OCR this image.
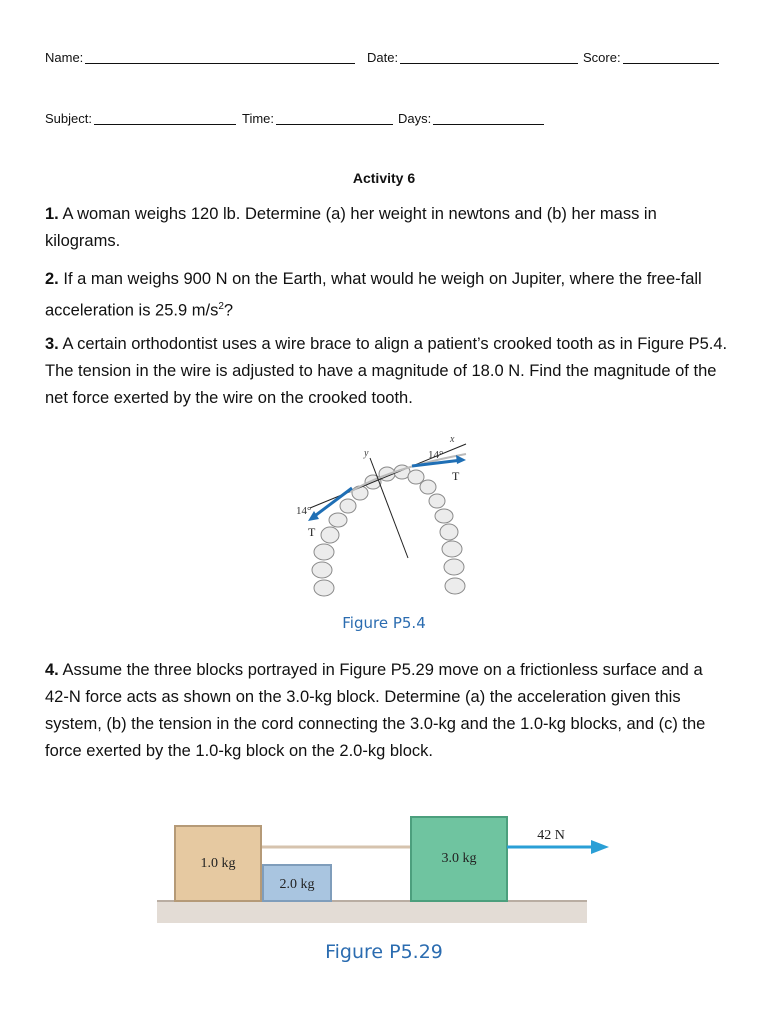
Name:	Date:	Score:
Subject:	Time:	Days:
Activity 6

1. A woman weighs 120 lb. Determine (a) her weight in newtons and (b) her mass in kilograms.

2. If a man weighs 900 N on the Earth, what would he weigh on Jupiter, where the free-fall acceleration is 25.9 $m/s^2$?

3. A certain orthodontist uses a wire brace to align a patient’s crooked tooth as in Figure P5.4. The tension in the wire is adjusted to have a magnitude of 18.0 N. Find the magnitude of the net force exerted by the wire on the crooked tooth.

y
x
14°
T
14°
T
Figure P5.4

4. Assume the three blocks portrayed in Figure P5.29 move on a frictionless surface and a 42-N force acts as shown on the 3.0-kg block. Determine (a) the acceleration given this system, (b) the tension in the cord connecting the 3.0-kg and the 1.0-kg blocks, and (c) the force exerted by the 1.0-kg block on the 2.0-kg block.

1.0 kg
2.0 kg
3.0 kg
42 N
Figure P5.29
